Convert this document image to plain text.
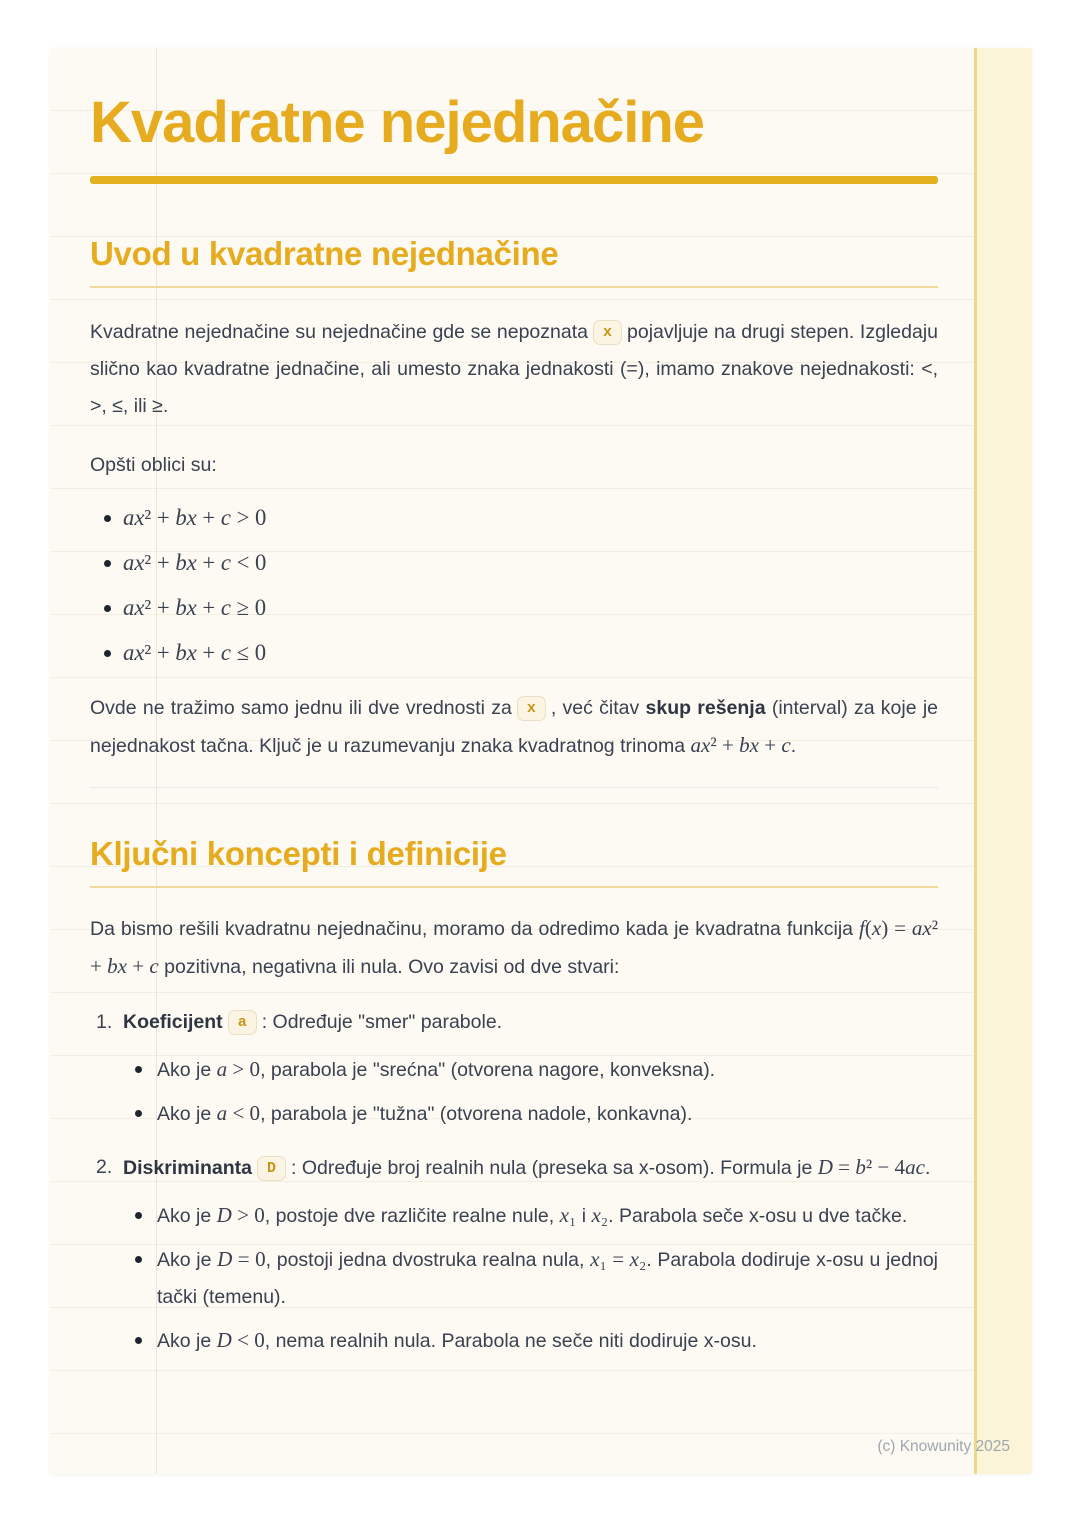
Kvadratne nejednačine
Uvod u kvadratne nejednačine

Kvadratne nejednačine su nejednačine gde se nepoznata x pojavljuje na drugi stepen. Izgledaju slično kao kvadratne jednačine, ali umesto znaka jednakosti (=), imamo znakove nejednakosti: <, >, ≤, ili ≥.

Opšti oblici su:

ax² + bx + c > 0
ax² + bx + c < 0
ax² + bx + c ≥ 0
ax² + bx + c ≤ 0

Ovde ne tražimo samo jednu ili dve vrednosti za x , već čitav skup rešenja (interval) za koje je nejednakost tačna. Ključ je u razumevanju znaka kvadratnog trinoma ax² + bx + c.

Ključni koncepti i definicije

Da bismo rešili kvadratnu nejednačinu, moramo da odredimo kada je kvadratna funkcija f(x) = ax² + bx + c pozitivna, negativna ili nula. Ovo zavisi od dve stvari:

1. Koeficijent a : Određuje "smer" parabole.
Ako je a > 0, parabola je "srećna" (otvorena nagore, konveksna).
Ako je a < 0, parabola je "tužna" (otvorena nadole, konkavna).
2. Diskriminanta D : Određuje broj realnih nula (preseka sa x-osom). Formula je D = b² − 4ac.
Ako je D > 0, postoje dve različite realne nule, x₁ i x₂. Parabola seče x-osu u dve tačke.
Ako je D = 0, postoji jedna dvostruka realna nula, x₁ = x₂. Parabola dodiruje x-osu u jednoj tački (temenu).
Ako je D < 0, nema realnih nula. Parabola ne seče niti dodiruje x-osu.
(c) Knowunity 2025
